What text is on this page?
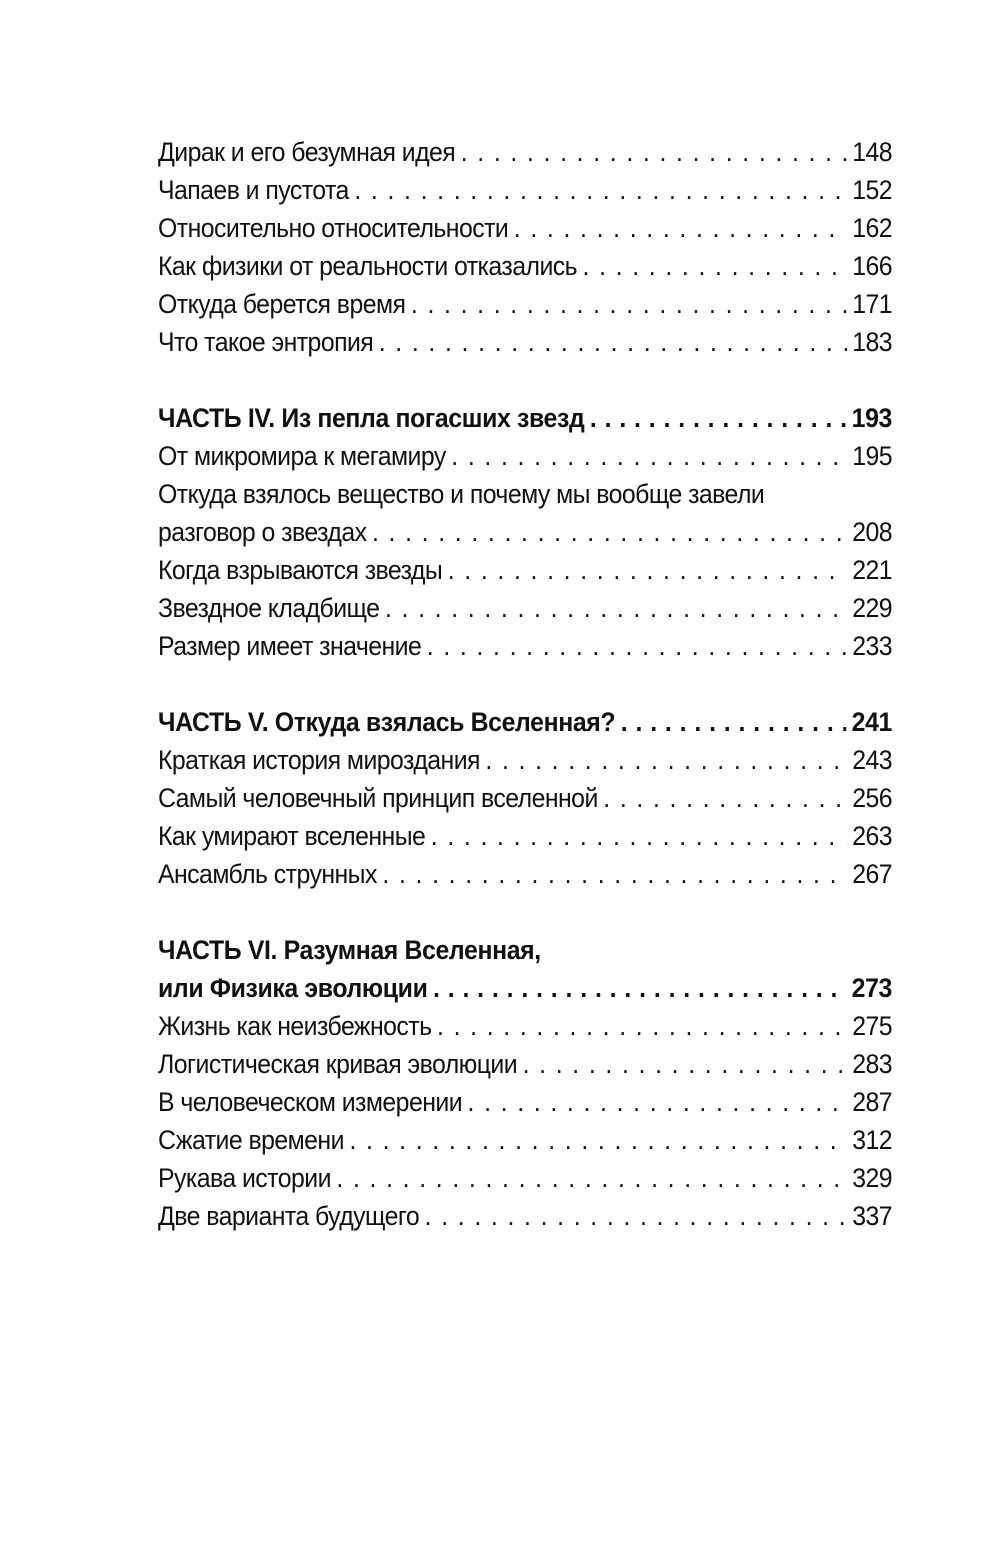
Дирак и его безумная идея . . .	148
Чапаев и пустота . . .	152
Относительно относительности . . .	162
Как физики от реальности отказались . . .	166
Откуда берется время . . .	171
Что такое энтропия . . .	183
ЧАСТЬ IV. Из пепла погасших звезд . . .	193
От микромира к мегамиру . . .	195
Откуда взялось вещество и почему мы вообще завели
разговор о звездах . . .	208
Когда взрываются звезды . . .	221
Звездное кладбище . . .	229
Размер имеет значение . . .	233
ЧАСТЬ V. Откуда взялась Вселенная? . . .	241
Краткая история мироздания . . .	243
Самый человечный принцип вселенной . . .	256
Как умирают вселенные . . .	263
Ансамбль струнных . . .	267
ЧАСТЬ VI. Разумная Вселенная,
или Физика эволюции . . .	273
Жизнь как неизбежность . . .	275
Логистическая кривая эволюции . . .	283
В человеческом измерении . . .	287
Сжатие времени . . .	312
Рукава истории . . .	329
Две варианта будущего . . .	337
